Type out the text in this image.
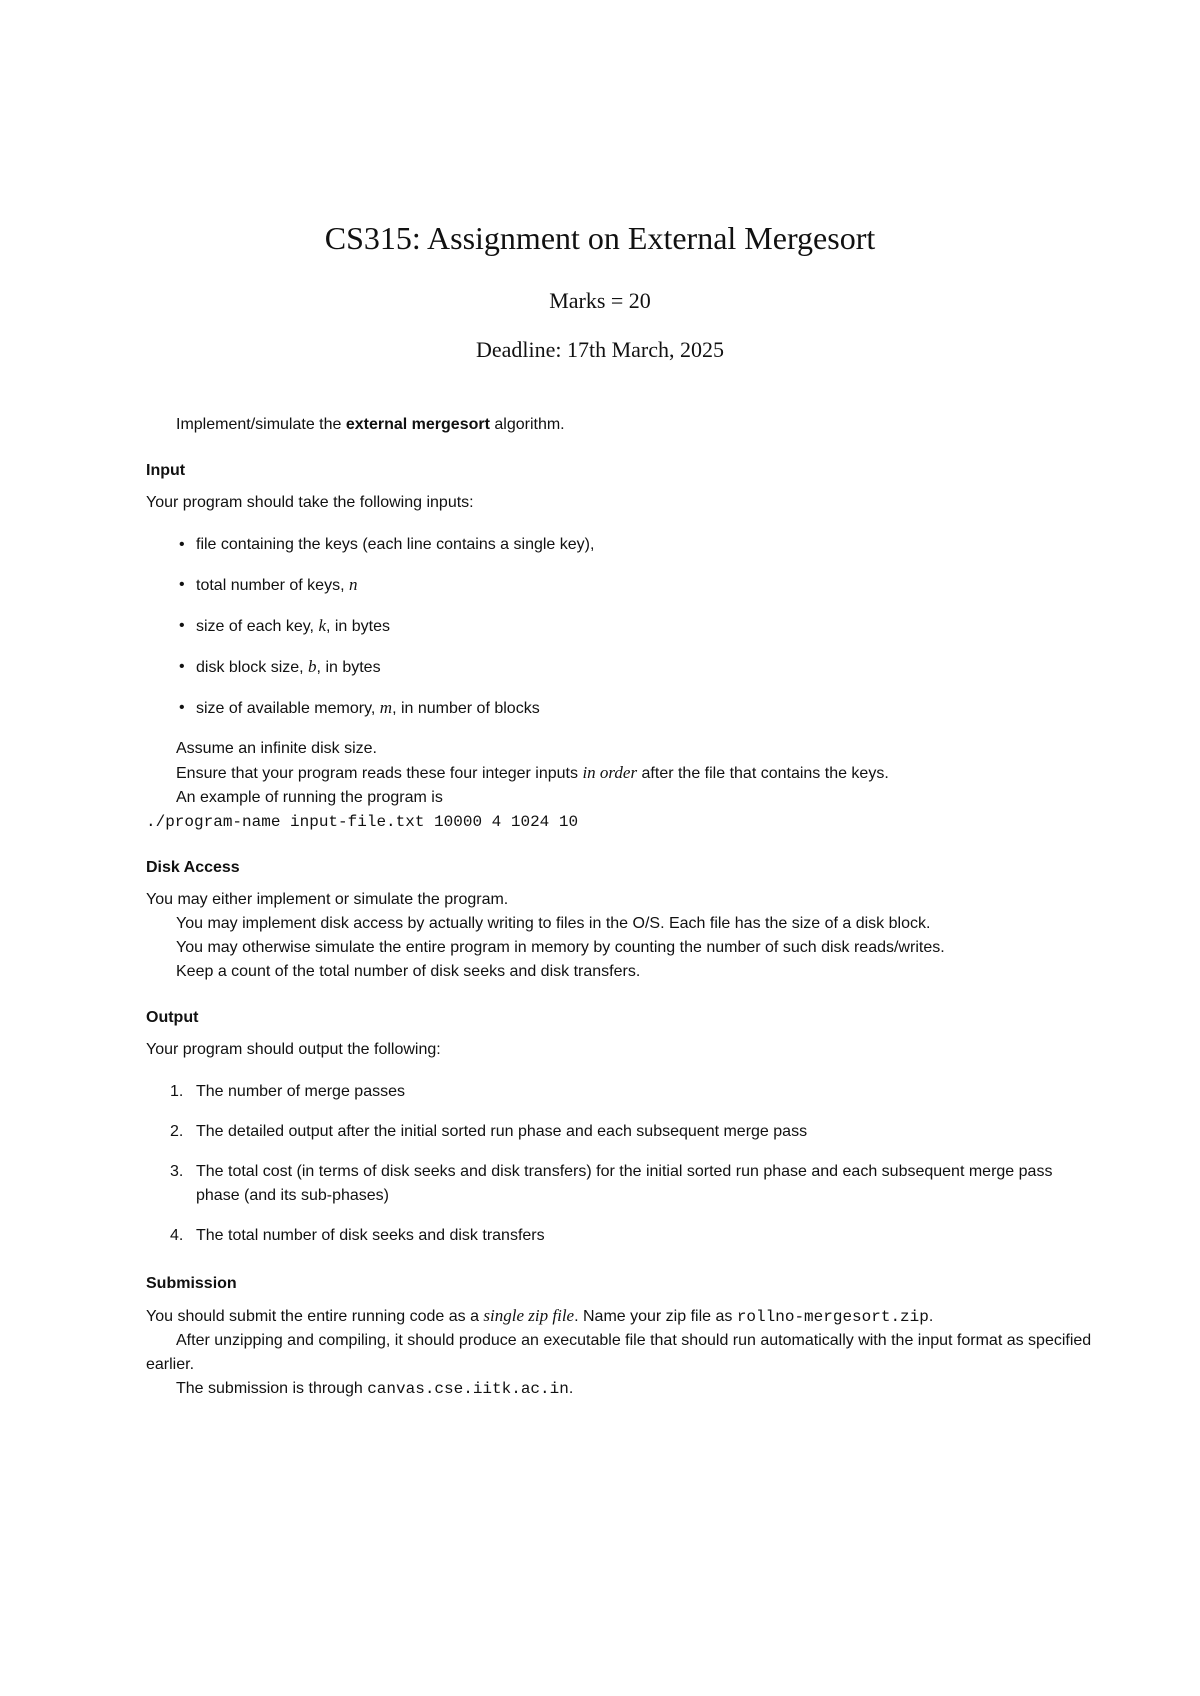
CS315: Assignment on External Mergesort
Marks = 20
Deadline: 17th March, 2025

Implement/simulate the external mergesort algorithm.

Input

Your program should take the following inputs:

• file containing the keys (each line contains a single key),
• total number of keys, n
• size of each key, k, in bytes
• disk block size, b, in bytes
• size of available memory, m, in number of blocks

Assume an infinite disk size.

Ensure that your program reads these four integer inputs in order after the file that contains the keys.

An example of running the program is

./program-name input-file.txt 10000 4 1024 10

Disk Access

You may either implement or simulate the program.

You may implement disk access by actually writing to files in the O/S. Each file has the size of a disk block.

You may otherwise simulate the entire program in memory by counting the number of such disk reads/writes.

Keep a count of the total number of disk seeks and disk transfers.

Output

Your program should output the following:

1. The number of merge passes
2. The detailed output after the initial sorted run phase and each subsequent merge pass
3. The total cost (in terms of disk seeks and disk transfers) for the initial sorted run phase and each subsequent merge pass phase (and its sub-phases)
4. The total number of disk seeks and disk transfers

Submission

You should submit the entire running code as a single zip file. Name your zip file as rollno-mergesort.zip.

After unzipping and compiling, it should produce an executable file that should run automatically with the input format as specified earlier.

The submission is through canvas.cse.iitk.ac.in.
